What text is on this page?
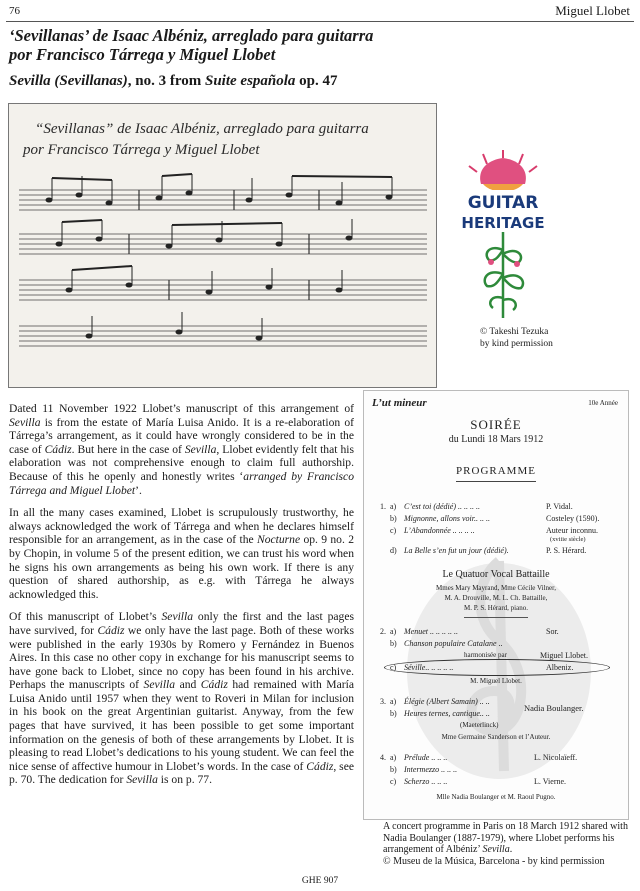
76	Miguel Llobet
‘Sevillanas’ de Isaac Albéniz, arreglado para guitarra
por Francisco Tárrega y Miguel Llobet
Sevilla (Sevillanas), no. 3 from Suite española op. 47
“Sevillanas” de Isaac Albéniz, arreglado para guitarra
por Francisco Tárrega y Miguel Llobet
GUITAR
HERITAGE
© Takeshi Tezuka
by kind permission

Dated 11 November 1922 Llobet’s manuscript of this arrangement of Sevilla is from the estate of María Luisa Anido. It is a re-elaboration of Tárrega’s arrangement, as it could have wrongly considered to be in the case of Cádiz. But here in the case of Sevilla, Llobet evidently felt that his elaboration was not comprehensive enough to claim full authorship. Because of this he openly and honestly writes ‘arranged by Francisco Tárrega and Miguel Llobet’.

In all the many cases examined, Llobet is scrupulously trustworthy, he always acknowledged the work of Tárrega and when he declares himself responsible for an arrangement, as in the case of the Nocturne op. 9 no. 2 by Chopin, in volume 5 of the present edition, we can trust his word when he signs his own arrangements as being his own work. If there is any question of shared authorship, as e.g. with Tárrega he always acknowledged this.

Of this manuscript of Llobet’s Sevilla only the first and the last pages have survived, for Cádiz we only have the last page. Both of these works were published in the early 1930s by Romero y Fernández in Buenos Aires. In this case no other copy in exchange for his manuscript seems to have gone back to Llobet, since no copy has been found in his archive. Perhaps the manuscripts of Sevilla and Cádiz had remained with María Luisa Anido until 1957 when they went to Roveri in Milan for inclusion in his book on the great Argentinian guitarist. Anyway, from the few pages that have survived, it has been possible to get some important information on the genesis of both of these arrangements by Llobet. It is pleasing to read Llobet’s dedications to his young student. We can feel the nice sense of affective humour in Llobet’s words. In the case of Cádiz, see p. 70. The dedication for Sevilla is on p. 77.

L’ut mineur	10e Année
SOIRÉE
du Lundi 18 Mars 1912
PROGRAMME
1. a) C’est toi (dédié) .. .. .. ..	P. Vidal.
b) Mignonne, allons voir.. .. ..	Costeley (1590).
c) L’Abandonnée .. .. .. ..	Auteur inconnu.
(xviiie siècle)
d) La Belle s’en fut un jour (dédié).	P. S. Hérard.
Le Quatuor Vocal Battaille
Mmes Mary Mayrand, Mme Cécile Vilner,
M. A. Drouville, M. L. Ch. Battaille,
M. P. S. Hérard, piano.
2. a) Menuet .. .. .. .. ..	Sor.
b) Chanson populaire Catalane ..
harmonisée par	Miguel Llobet.
c) Séville.. .. .. .. ..	Albeniz.
M. Miguel Llobet.
3. a) Élégie (Albert Samain) .. ..
b) Heures ternes, cantique.. ..
Nadia Boulanger.
(Maeterlinck)
Mme Germaine Sanderson et l’Auteur.
4. a) Prélude .. .. ..	L. Nicolaïeff.
b) Intermezzo .. .. ..
c) Scherzo .. .. ..	L. Vierne.
Mlle Nadia Boulanger et M. Raoul Pugno.
A concert programme in Paris on 18 March 1912 shared with Nadia Boulanger (1887-1979), where Llobet performs his arrangement of Albéniz’ Sevilla.
© Museu de la Música, Barcelona - by kind permission
GHE 907
